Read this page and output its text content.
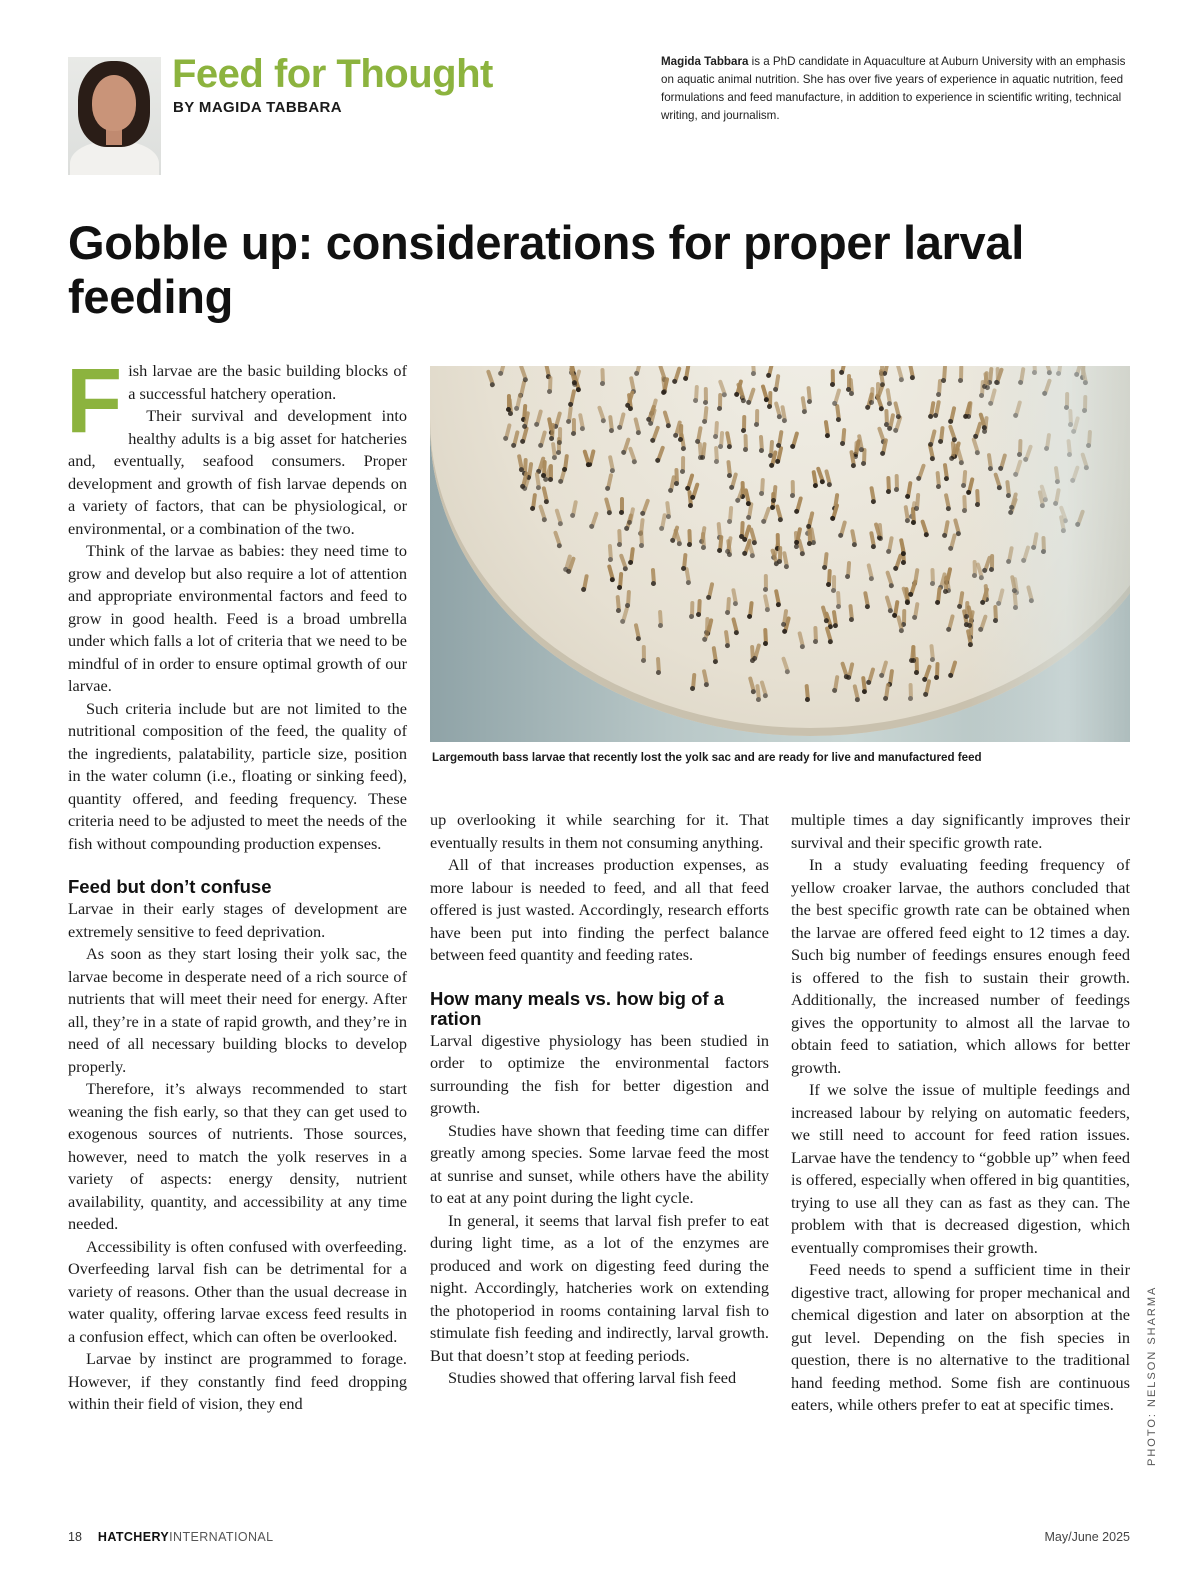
Feed for Thought
BY MAGIDA TABBARA

Magida Tabbara is a PhD candidate in Aquaculture at Auburn University with an emphasis on aquatic animal nutrition. She has over five years of experience in aquatic nutrition, feed formulations and feed manufacture, in addition to experience in scientific writing, technical writing, and journalism.

Gobble up: considerations for proper larval feeding

Fish larvae are the basic building blocks of a successful hatchery operation.

Their survival and development into healthy adults is a big asset for hatcheries and, eventually, seafood consumers. Proper development and growth of fish larvae depends on a variety of factors, that can be physiological, or environmental, or a combination of the two.

Think of the larvae as babies: they need time to grow and develop but also require a lot of attention and appropriate environmental factors and feed to grow in good health. Feed is a broad umbrella under which falls a lot of criteria that we need to be mindful of in order to ensure optimal growth of our larvae.

Such criteria include but are not limited to the nutritional composition of the feed, the quality of the ingredients, palatability, particle size, position in the water column (i.e., floating or sinking feed), quantity offered, and feeding frequency. These criteria need to be adjusted to meet the needs of the fish without compounding production expenses.

Feed but don’t confuse

Larvae in their early stages of development are extremely sensitive to feed deprivation.

As soon as they start losing their yolk sac, the larvae become in desperate need of a rich source of nutrients that will meet their need for energy. After all, they’re in a state of rapid growth, and they’re in need of all necessary building blocks to develop properly.

Therefore, it’s always recommended to start weaning the fish early, so that they can get used to exogenous sources of nutrients. Those sources, however, need to match the yolk reserves in a variety of aspects: energy density, nutrient availability, quantity, and accessibility at any time needed.

Accessibility is often confused with overfeeding. Overfeeding larval fish can be detrimental for a variety of reasons. Other than the usual decrease in water quality, offering larvae excess feed results in a confusion effect, which can often be overlooked.

Larvae by instinct are programmed to forage. However, if they constantly find feed dropping within their field of vision, they end

Largemouth bass larvae that recently lost the yolk sac and are ready for live and manufactured feed

PHOTO: NELSON SHARMA

up overlooking it while searching for it. That eventually results in them not consuming anything.

All of that increases production expenses, as more labour is needed to feed, and all that feed offered is just wasted. Accordingly, research efforts have been put into finding the perfect balance between feed quantity and feeding rates.

How many meals vs. how big of a ration

Larval digestive physiology has been studied in order to optimize the environmental factors surrounding the fish for better digestion and growth.

Studies have shown that feeding time can differ greatly among species. Some larvae feed the most at sunrise and sunset, while others have the ability to eat at any point during the light cycle.

In general, it seems that larval fish prefer to eat during light time, as a lot of the enzymes are produced and work on digesting feed during the night. Accordingly, hatcheries work on extending the photoperiod in rooms containing larval fish to stimulate fish feeding and indirectly, larval growth. But that doesn’t stop at feeding periods.

Studies showed that offering larval fish feed

multiple times a day significantly improves their survival and their specific growth rate.

In a study evaluating feeding frequency of yellow croaker larvae, the authors concluded that the best specific growth rate can be obtained when the larvae are offered feed eight to 12 times a day. Such big number of feedings ensures enough feed is offered to the fish to sustain their growth. Additionally, the increased number of feedings gives the opportunity to almost all the larvae to obtain feed to satiation, which allows for better growth.

If we solve the issue of multiple feedings and increased labour by relying on automatic feeders, we still need to account for feed ration issues. Larvae have the tendency to “gobble up” when feed is offered, especially when offered in big quantities, trying to use all they can as fast as they can. The problem with that is decreased digestion, which eventually compromises their growth.

Feed needs to spend a sufficient time in their digestive tract, allowing for proper mechanical and chemical digestion and later on absorption at the gut level. Depending on the fish species in question, there is no alternative to the traditional hand feeding method. Some fish are continuous eaters, while others prefer to eat at specific times.

18 HATCHERYINTERNATIONAL	May/June 2025
